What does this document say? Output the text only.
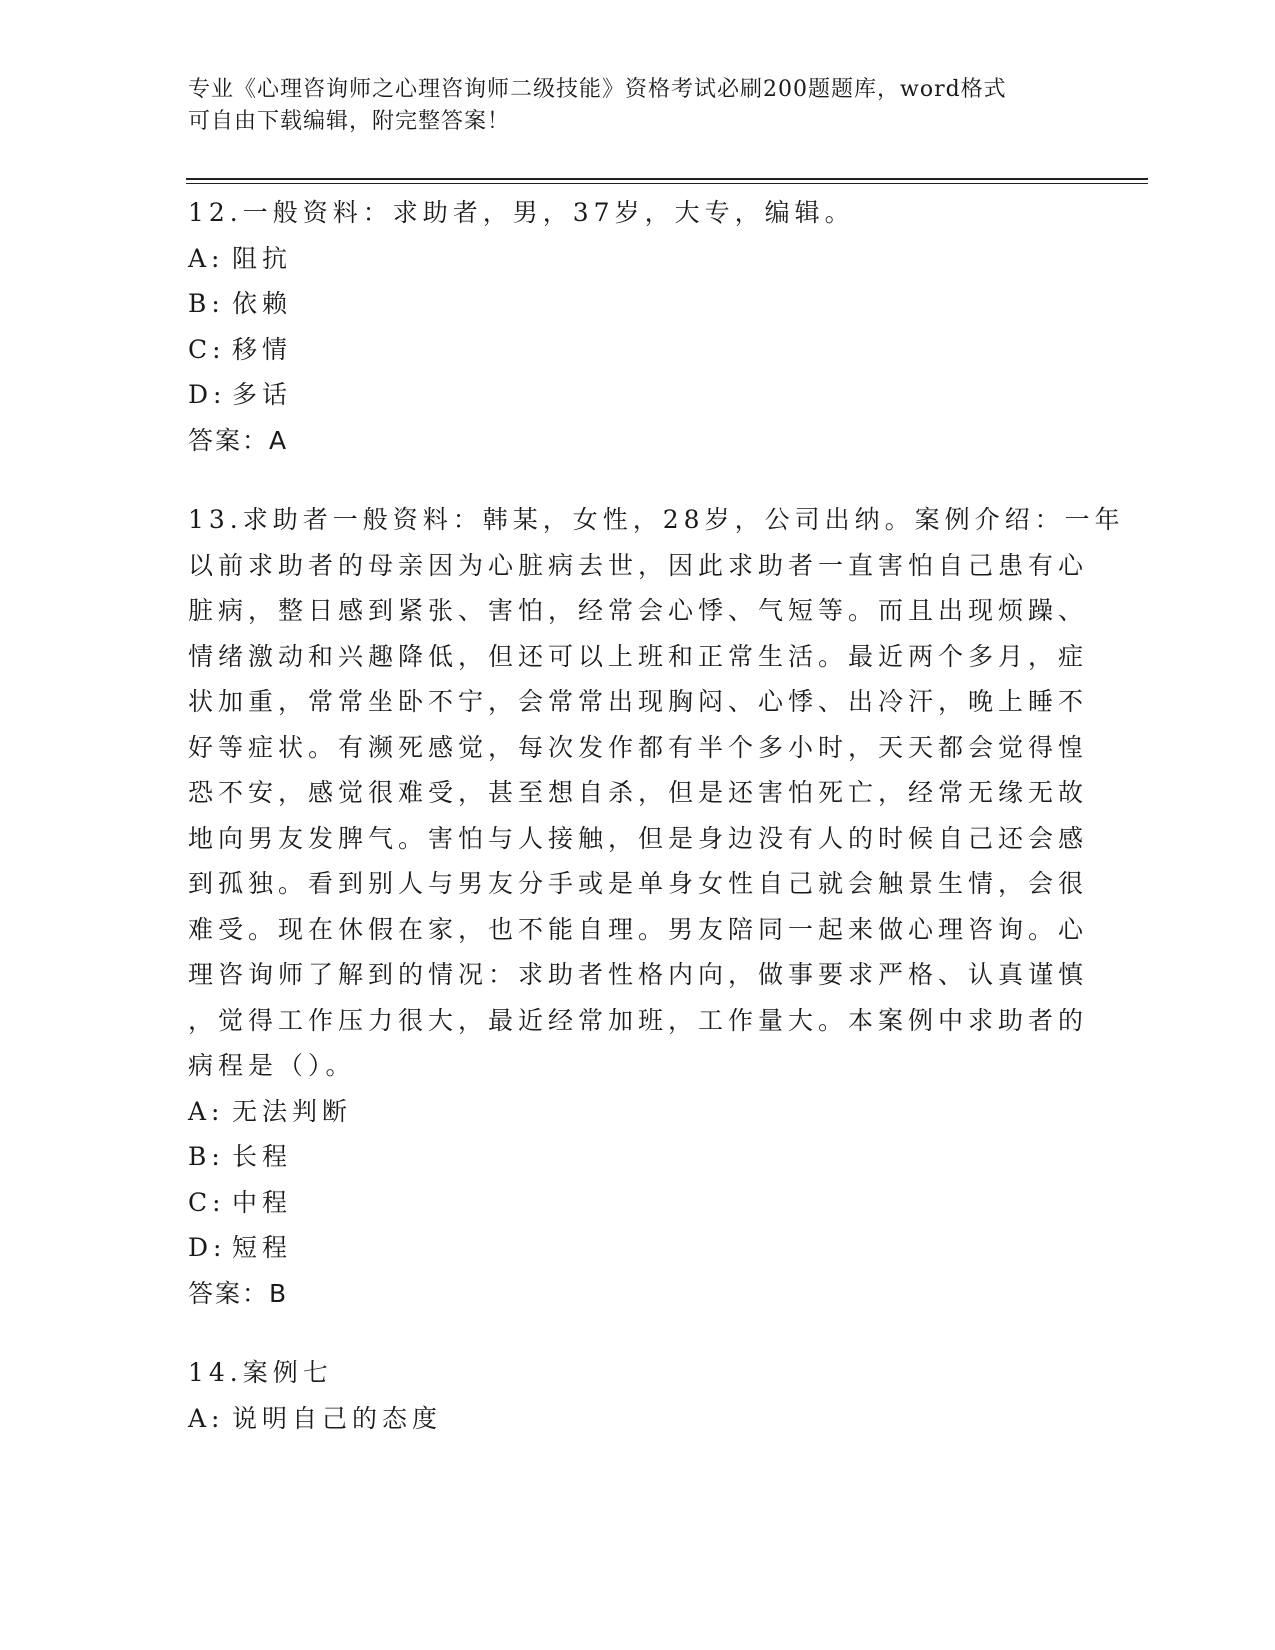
专业《心理咨询师之心理咨询师二级技能》资格考试必刷200题题库，word格式
可自由下载编辑，附完整答案！
12.一般资料：求助者，男，37岁，大专，编辑。
A: 阻抗
B: 依赖
C: 移情
D: 多话
答案：A
13.求助者一般资料：韩某，女性，28岁，公司出纳。案例介绍：一年
以前求助者的母亲因为心脏病去世，因此求助者一直害怕自己患有心
脏病，整日感到紧张、害怕，经常会心悸、气短等。而且出现烦躁、
情绪激动和兴趣降低，但还可以上班和正常生活。最近两个多月，症
状加重，常常坐卧不宁，会常常出现胸闷、心悸、出冷汗，晚上睡不
好等症状。有濒死感觉，每次发作都有半个多小时，天天都会觉得惶
恐不安，感觉很难受，甚至想自杀，但是还害怕死亡，经常无缘无故
地向男友发脾气。害怕与人接触，但是身边没有人的时候自己还会感
到孤独。看到别人与男友分手或是单身女性自己就会触景生情，会很
难受。现在休假在家，也不能自理。男友陪同一起来做心理咨询。心
理咨询师了解到的情况：求助者性格内向，做事要求严格、认真谨慎
，觉得工作压力很大，最近经常加班，工作量大。本案例中求助者的
病程是（）。
A: 无法判断
B: 长程
C: 中程
D: 短程
答案：B
14.案例七
A: 说明自己的态度
